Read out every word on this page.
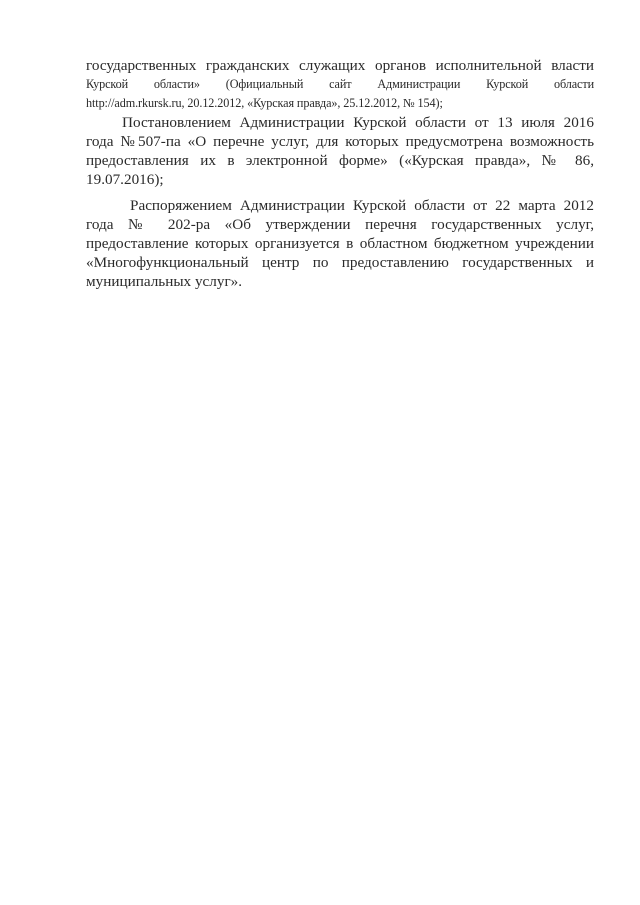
государственных гражданских служащих органов исполнительной власти
Курской области» (Официальный сайт Администрации Курской области
http://adm.rkursk.ru, 20.12.2012, «Курская правда», 25.12.2012, № 154);
Постановлением Администрации Курской области от 13 июля 2016
года №507-па «О перечне услуг, для которых предусмотрена возможность
предоставления их в электронной форме» («Курская правда», № 86,
19.07.2016);
Распоряжением Администрации Курской области от 22 марта 2012
года № 202-ра «Об утверждении перечня государственных услуг,
предоставление которых организуется в областном бюджетном учреждении
«Многофункциональный центр по предоставлению государственных и
муниципальных услуг».
